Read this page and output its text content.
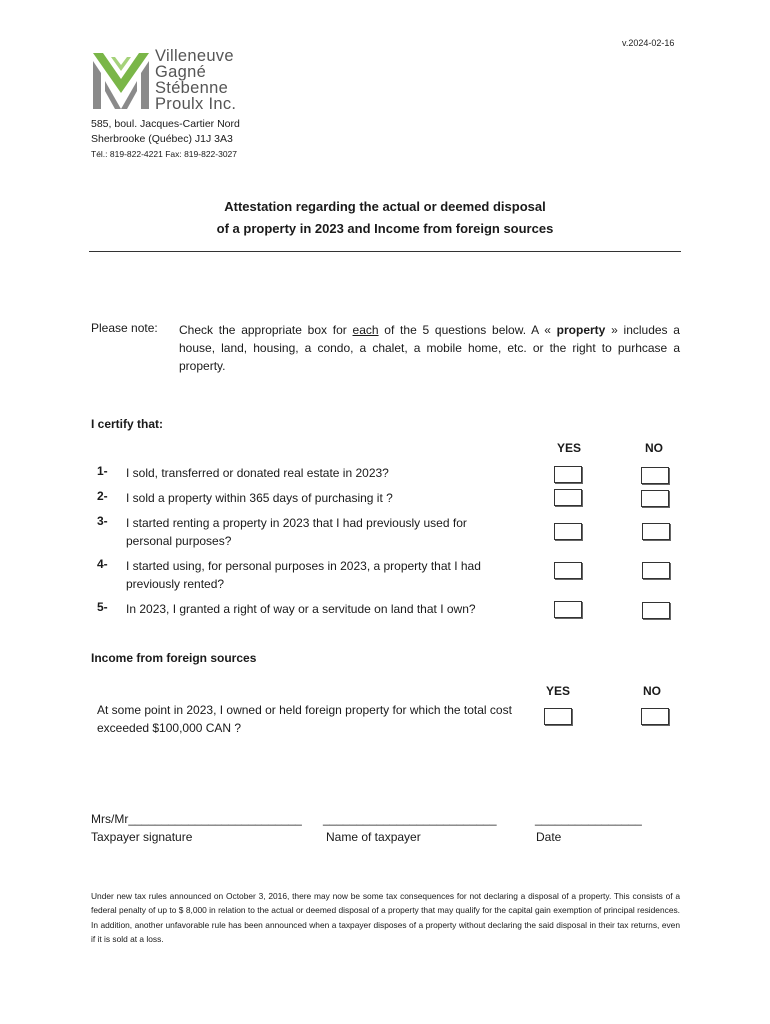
v.2024-02-16
Villeneuve
Gagné
Stébenne
Proulx Inc.
585, boul. Jacques-Cartier Nord
Sherbrooke (Québec) J1J 3A3
Tél.: 819-822-4221 Fax: 819-822-3027
Attestation regarding the actual or deemed disposal
of a property in 2023 and Income from foreign sources
Please note: Check the appropriate box for each of the 5 questions below. A « property » includes a house, land, housing, a condo, a chalet, a mobile home, etc. or the right to purhcase a property.
I certify that:
YES	NO
1- I sold, transferred or donated real estate in 2023?
2- I sold a property within 365 days of purchasing it ?
3- I started renting a property in 2023 that I had previously used for personal purposes?
4- I started using, for personal purposes in 2023, a property that I had previously rented?
5- In 2023, I granted a right of way or a servitude on land that I own?
Income from foreign sources
YES	NO
At some point in 2023, I owned or held foreign property for which the total cost exceeded $100,000 CAN ?
Mrs/Mr__________________________ __________________________	________________
Taxpayer signature	Name of taxpayer	Date
Under new tax rules announced on October 3, 2016, there may now be some tax consequences for not declaring a disposal of a property. This consists of a federal penalty of up to $ 8,000 in relation to the actual or deemed disposal of a property that may qualify for the capital gain exemption of principal residences. In addition, another unfavorable rule has been announced when a taxpayer disposes of a property without declaring the said disposal in their tax returns, even if it is sold at a loss.
